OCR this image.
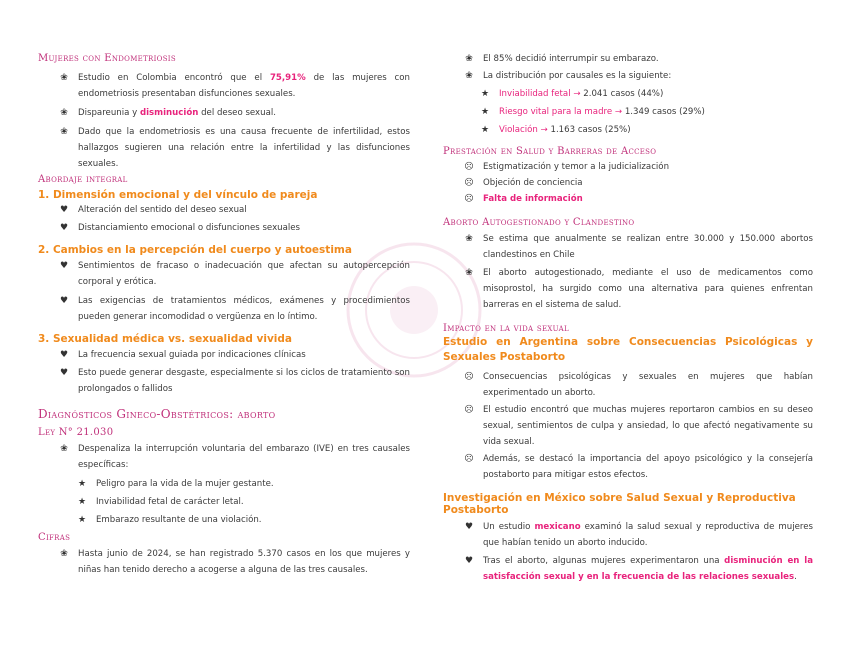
Mujeres con Endometriosis

❀	Estudio en Colombia encontró que el 75,91% de las mujeres con endometriosis presentaban disfunciones sexuales.
❀	Dispareunia y disminución del deseo sexual.
❀	Dado que la endometriosis es una causa frecuente de infertilidad, estos hallazgos sugieren una relación entre la infertilidad y las disfunciones sexuales.

Abordaje integral

1. Dimensión emocional y del vínculo de pareja

♥	Alteración del sentido del deseo sexual
♥	Distanciamiento emocional o disfunciones sexuales

2. Cambios en la percepción del cuerpo y autoestima

♥	Sentimientos de fracaso o inadecuación que afectan su autopercepción corporal y erótica.
♥	Las exigencias de tratamientos médicos, exámenes y procedimientos pueden generar incomodidad o vergüenza en lo íntimo.

3. Sexualidad médica vs. sexualidad vivida

♥	La frecuencia sexual guiada por indicaciones clínicas
♥	Esto puede generar desgaste, especialmente si los ciclos de tratamiento son prolongados o fallidos

Diagnósticos Gineco-Obstétricos: aborto

Ley N° 21.030

❀	Despenaliza la interrupción voluntaria del embarazo (IVE) en tres causales específicas:
★	Peligro para la vida de la mujer gestante.
★	Inviabilidad fetal de carácter letal.
★	Embarazo resultante de una violación.

Cifras

❀	Hasta junio de 2024, se han registrado 5.370 casos en los que mujeres y niñas han tenido derecho a acogerse a alguna de las tres causales.
❀	El 85% decidió interrumpir su embarazo.
❀	La distribución por causales es la siguiente:
★	Inviabilidad fetal → 2.041 casos (44%)
★	Riesgo vital para la madre → 1.349 casos (29%)
★	Violación → 1.163 casos (25%)

Prestación en Salud y Barreras de Acceso

☹	Estigmatización y temor a la judicialización
☹	Objeción de conciencia
☹	Falta de información

Aborto Autogestionado y Clandestino

❀	Se estima que anualmente se realizan entre 30.000 y 150.000 abortos clandestinos en Chile
❀	El aborto autogestionado, mediante el uso de medicamentos como misoprostol, ha surgido como una alternativa para quienes enfrentan barreras en el sistema de salud.

Impacto en la vida sexual

Estudio en Argentina sobre Consecuencias Psicológicas y Sexuales Postaborto

☹	Consecuencias psicológicas y sexuales en mujeres que habían experimentado un aborto.
☹	El estudio encontró que muchas mujeres reportaron cambios en su deseo sexual, sentimientos de culpa y ansiedad, lo que afectó negativamente su vida sexual.
☹	Además, se destacó la importancia del apoyo psicológico y la consejería postaborto para mitigar estos efectos.

Investigación en México sobre Salud Sexual y Reproductiva Postaborto

♥	Un estudio mexicano examinó la salud sexual y reproductiva de mujeres que habían tenido un aborto inducido.
♥	Tras el aborto, algunas mujeres experimentaron una disminución en la satisfacción sexual y en la frecuencia de las relaciones sexuales.
